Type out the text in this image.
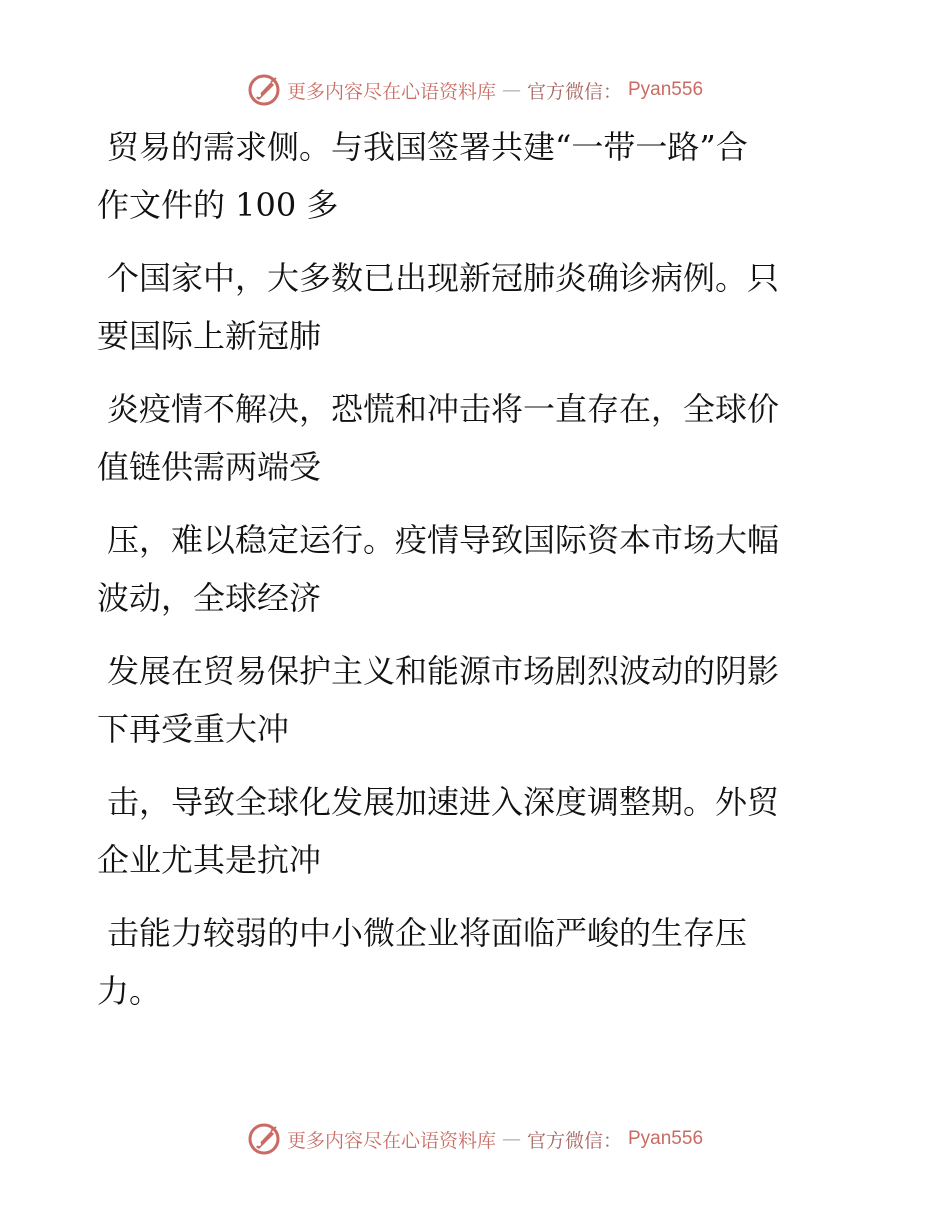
更多内容尽在心语资料库 — 官方微信： Pyan556

贸易的需求侧。与我国签署共建“一带一路”合
作文件的 100 多

个国家中，大多数已出现新冠肺炎确诊病例。只
要国际上新冠肺

炎疫情不解决，恐慌和冲击将一直存在，全球价
值链供需两端受

压，难以稳定运行。疫情导致国际资本市场大幅
波动，全球经济

发展在贸易保护主义和能源市场剧烈波动的阴影
下再受重大冲

击，导致全球化发展加速进入深度调整期。外贸
企业尤其是抗冲

击能力较弱的中小微企业将面临严峻的生存压
力。

更多内容尽在心语资料库 — 官方微信： Pyan556
